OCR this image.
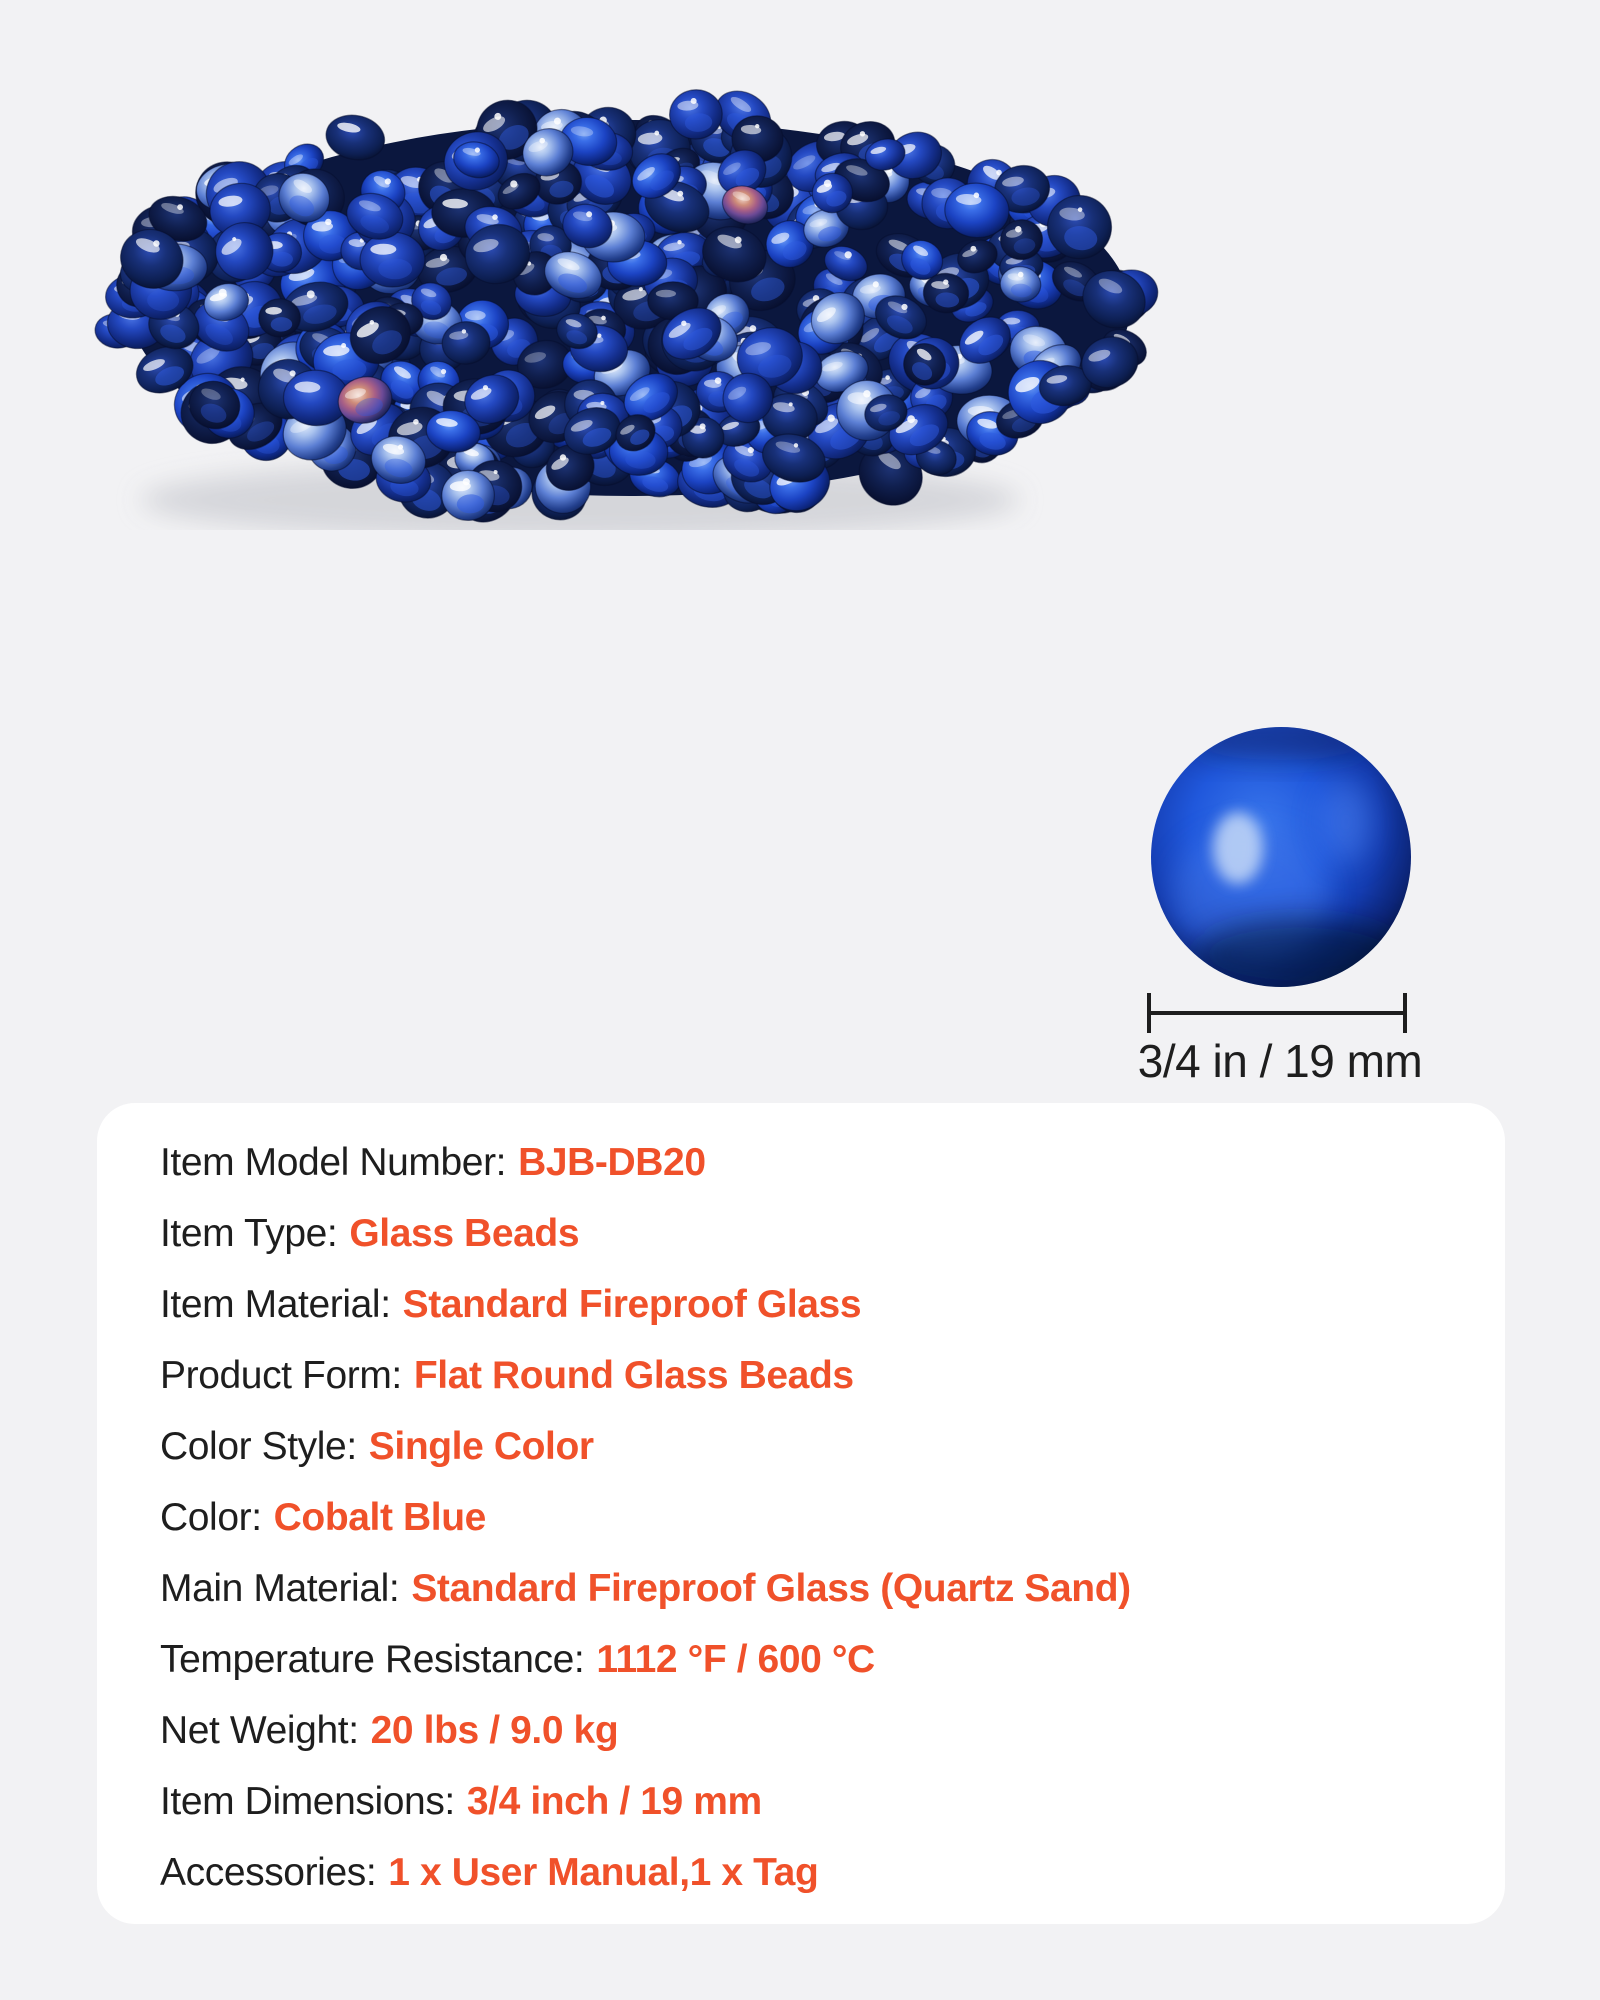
3/4 in / 19 mm
Item Model Number: BJB-DB20
Item Type: Glass Beads
Item Material: Standard Fireproof Glass
Product Form: Flat Round Glass Beads
Color Style: Single Color
Color: Cobalt Blue
Main Material: Standard Fireproof Glass (Quartz Sand)
Temperature Resistance: 1112 °F / 600 °C
Net Weight: 20 lbs / 9.0 kg
Item Dimensions: 3/4 inch / 19 mm
Accessories: 1 x User Manual,1 x Tag
